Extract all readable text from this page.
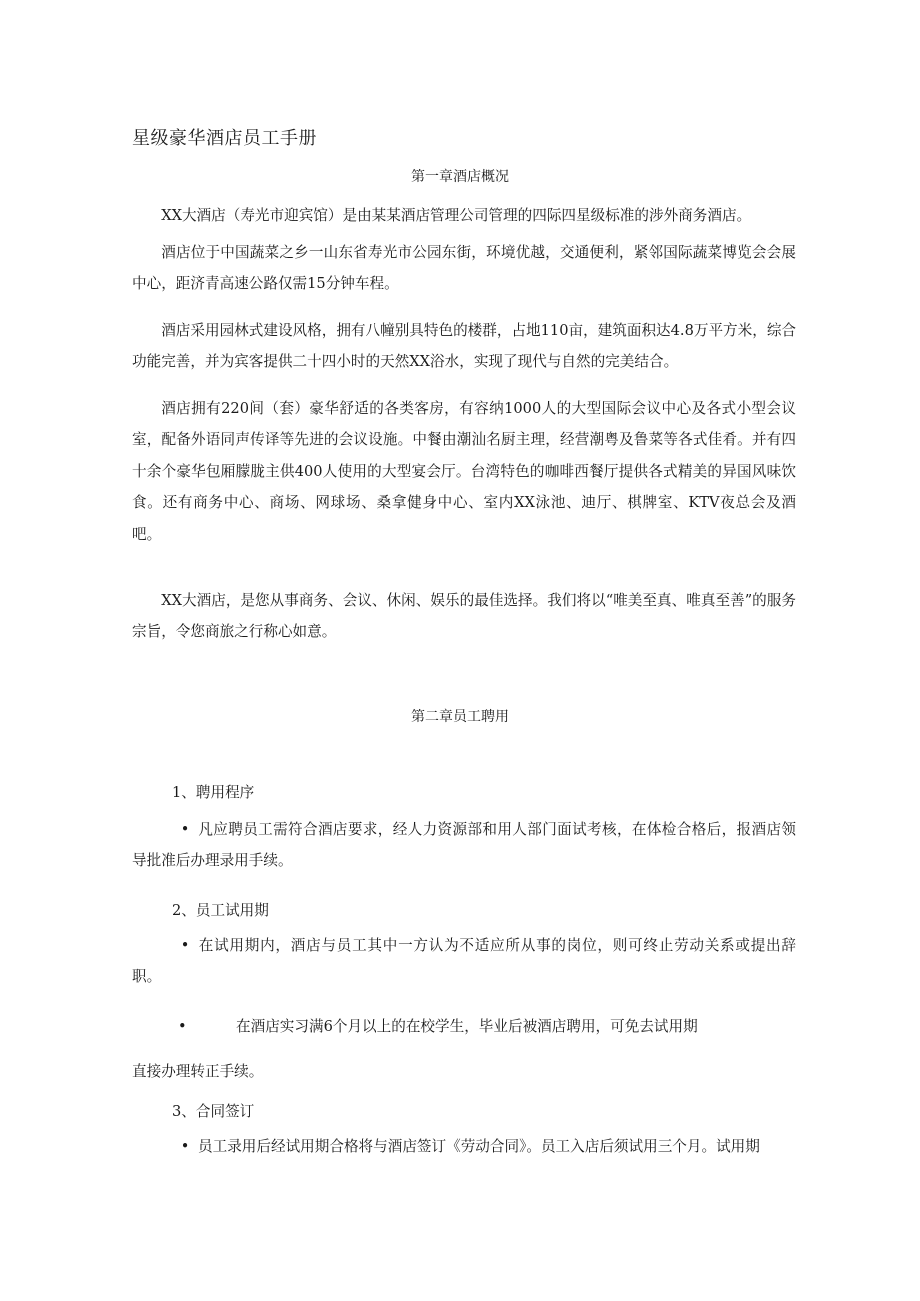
星级豪华酒店员工手册
第一章酒店概况

XX大酒店（寿光市迎宾馆）是由某某酒店管理公司管理的四际四星级标准的涉外商务酒店。

酒店位于中国蔬菜之乡一山东省寿光市公园东街，环境优越，交通便利，紧邻国际蔬菜博览会会展中心，距济青高速公路仅需15分钟车程。

酒店采用园林式建设风格，拥有八幢别具特色的楼群，占地110亩，建筑面积达4.8万平方米，综合功能完善，并为宾客提供二十四小时的天然XX浴水，实现了现代与自然的完美结合。

酒店拥有220间（套）豪华舒适的各类客房，有容纳1000人的大型国际会议中心及各式小型会议室，配备外语同声传译等先进的会议设施。中餐由潮汕名厨主理，经营潮粤及鲁菜等各式佳肴。并有四十余个豪华包厢朦胧主供400人使用的大型宴会厅。台湾特色的咖啡西餐厅提供各式精美的异国风味饮食。还有商务中心、商场、网球场、桑拿健身中心、室内XX泳池、迪厅、棋牌室、KTV夜总会及酒吧。

XX大酒店，是您从事商务、会议、休闲、娱乐的最佳选择。我们将以“唯美至真、唯真至善”的服务宗旨，令您商旅之行称心如意。

第二章员工聘用
1、聘用程序

• 凡应聘员工需符合酒店要求，经人力资源部和用人部门面试考核，在体检合格后，报酒店领导批准后办理录用手续。

2、员工试用期

• 在试用期内，酒店与员工其中一方认为不适应所从事的岗位，则可终止劳动关系或提出辞职。

•	在酒店实习满6个月以上的在校学生，毕业后被酒店聘用，可免去试用期

直接办理转正手续。

3、合同签订

• 员工录用后经试用期合格将与酒店签订《劳动合同》。员工入店后须试用三个月。试用期
